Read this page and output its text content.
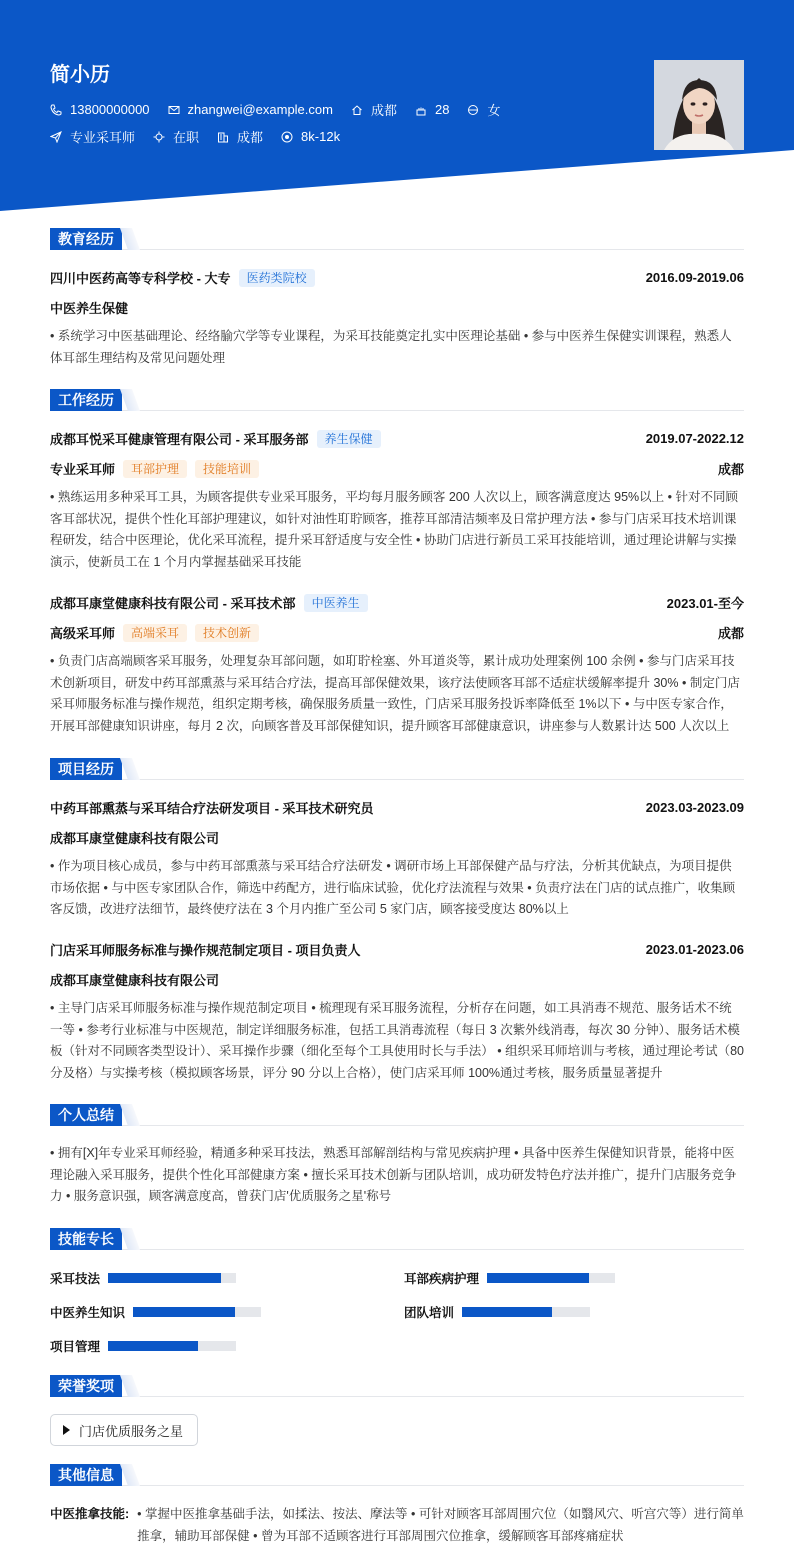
简小历
13800000000	zhangwei@example.com	成都	28	女
专业采耳师	在职	成都	8k-12k
教育经历
四川中医药高等专科学校 - 大专	医药类院校	2016.09-2019.06
中医养生保健
• 系统学习中医基础理论、经络腧穴学等专业课程，为采耳技能奠定扎实中医理论基础 • 参与中医养生保健实训课程，熟悉人体耳部生理结构及常见问题处理
工作经历
成都耳悦采耳健康管理有限公司 - 采耳服务部	养生保健	2019.07-2022.12
专业采耳师	耳部护理	技能培训	成都
• 熟练运用多种采耳工具，为顾客提供专业采耳服务，平均每月服务顾客 200 人次以上，顾客满意度达 95%以上 • 针对不同顾客耳部状况，提供个性化耳部护理建议，如针对油性耵聍顾客，推荐耳部清洁频率及日常护理方法 • 参与门店采耳技术培训课程研发，结合中医理论，优化采耳流程，提升采耳舒适度与安全性 • 协助门店进行新员工采耳技能培训，通过理论讲解与实操演示，使新员工在 1 个月内掌握基础采耳技能
成都耳康堂健康科技有限公司 - 采耳技术部	中医养生	2023.01-至今
高级采耳师	高端采耳	技术创新	成都
• 负责门店高端顾客采耳服务，处理复杂耳部问题，如耵聍栓塞、外耳道炎等，累计成功处理案例 100 余例 • 参与门店采耳技术创新项目，研发中药耳部熏蒸与采耳结合疗法，提高耳部保健效果，该疗法使顾客耳部不适症状缓解率提升 30% • 制定门店采耳师服务标准与操作规范，组织定期考核，确保服务质量一致性，门店采耳服务投诉率降低至 1%以下 • 与中医专家合作，开展耳部健康知识讲座，每月 2 次，向顾客普及耳部保健知识，提升顾客耳部健康意识，讲座参与人数累计达 500 人次以上
项目经历
中药耳部熏蒸与采耳结合疗法研发项目 - 采耳技术研究员	2023.03-2023.09
成都耳康堂健康科技有限公司
• 作为项目核心成员，参与中药耳部熏蒸与采耳结合疗法研发 • 调研市场上耳部保健产品与疗法，分析其优缺点，为项目提供市场依据 • 与中医专家团队合作，筛选中药配方，进行临床试验，优化疗法流程与效果 • 负责疗法在门店的试点推广，收集顾客反馈，改进疗法细节，最终使疗法在 3 个月内推广至公司 5 家门店，顾客接受度达 80%以上
门店采耳师服务标准与操作规范制定项目 - 项目负责人	2023.01-2023.06
成都耳康堂健康科技有限公司
• 主导门店采耳师服务标准与操作规范制定项目 • 梳理现有采耳服务流程，分析存在问题，如工具消毒不规范、服务话术不统一等 • 参考行业标准与中医规范，制定详细服务标准，包括工具消毒流程（每日 3 次紫外线消毒，每次 30 分钟）、服务话术模板（针对不同顾客类型设计）、采耳操作步骤（细化至每个工具使用时长与手法） • 组织采耳师培训与考核，通过理论考试（80 分及格）与实操考核（模拟顾客场景，评分 90 分以上合格），使门店采耳师 100%通过考核，服务质量显著提升
个人总结
• 拥有[X]年专业采耳师经验，精通多种采耳技法，熟悉耳部解剖结构与常见疾病护理 • 具备中医养生保健知识背景，能将中医理论融入采耳服务，提供个性化耳部健康方案 • 擅长采耳技术创新与团队培训，成功研发特色疗法并推广，提升门店服务竞争力 • 服务意识强，顾客满意度高，曾获门店'优质服务之星'称号
技能专长
采耳技法	耳部疾病护理
中医养生知识	团队培训
项目管理
荣誉奖项
门店优质服务之星
其他信息
中医推拿技能: • 掌握中医推拿基础手法，如揉法、按法、摩法等 • 可针对顾客耳部周围穴位（如翳风穴、听宫穴等）进行简单推拿，辅助耳部保健 • 曾为耳部不适顾客进行耳部周围穴位推拿，缓解顾客耳部疼痛症状
